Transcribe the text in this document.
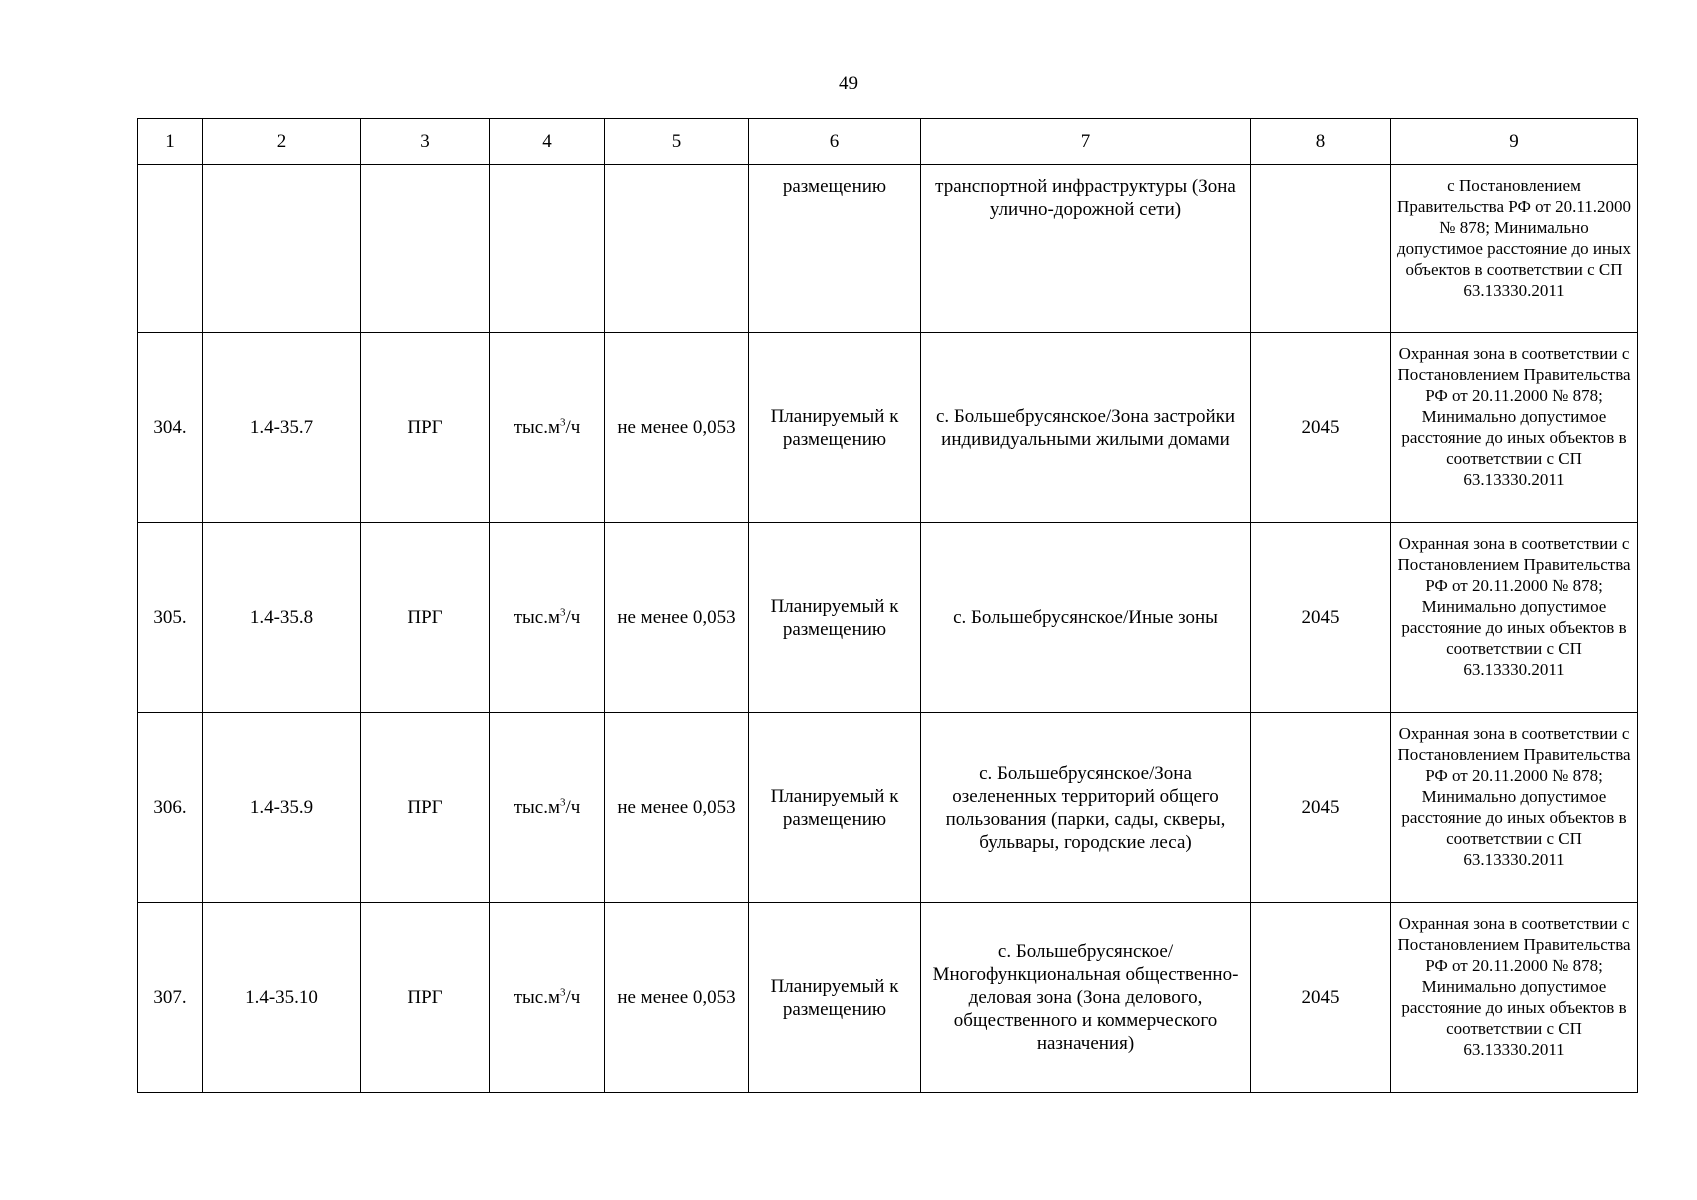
49
1	2	3	4	5	6	7	8	9
					размещению	транспортной инфраструктуры (Зона улично-дорожной сети)		с Постановлением Правительства РФ от 20.11.2000 № 878; Минимально допустимое расстояние до иных объектов в соответствии с СП 63.13330.2011
304.	1.4-35.7	ПРГ	$тыс.м^3/ч$	не менее 0,053	Планируемый к размещению	с. Большебрусянское/Зона застройки индивидуальными жилыми домами	2045	Охранная зона в соответствии с Постановлением Правительства РФ от 20.11.2000 № 878; Минимально допустимое расстояние до иных объектов в соответствии с СП 63.13330.2011
305.	1.4-35.8	ПРГ	$тыс.м^3/ч$	не менее 0,053	Планируемый к размещению	с. Большебрусянское/Иные зоны	2045	Охранная зона в соответствии с Постановлением Правительства РФ от 20.11.2000 № 878; Минимально допустимое расстояние до иных объектов в соответствии с СП 63.13330.2011
306.	1.4-35.9	ПРГ	$тыс.м^3/ч$	не менее 0,053	Планируемый к размещению	с. Большебрусянское/Зона озелененных территорий общего пользования (парки, сады, скверы, бульвары, городские леса)	2045	Охранная зона в соответствии с Постановлением Правительства РФ от 20.11.2000 № 878; Минимально допустимое расстояние до иных объектов в соответствии с СП 63.13330.2011
307.	1.4-35.10	ПРГ	$тыс.м^3/ч$	не менее 0,053	Планируемый к размещению	с. Большебрусянское/Многофункциональная общественно-деловая зона (Зона делового, общественного и коммерческого назначения)	2045	Охранная зона в соответствии с Постановлением Правительства РФ от 20.11.2000 № 878; Минимально допустимое расстояние до иных объектов в соответствии с СП 63.13330.2011
